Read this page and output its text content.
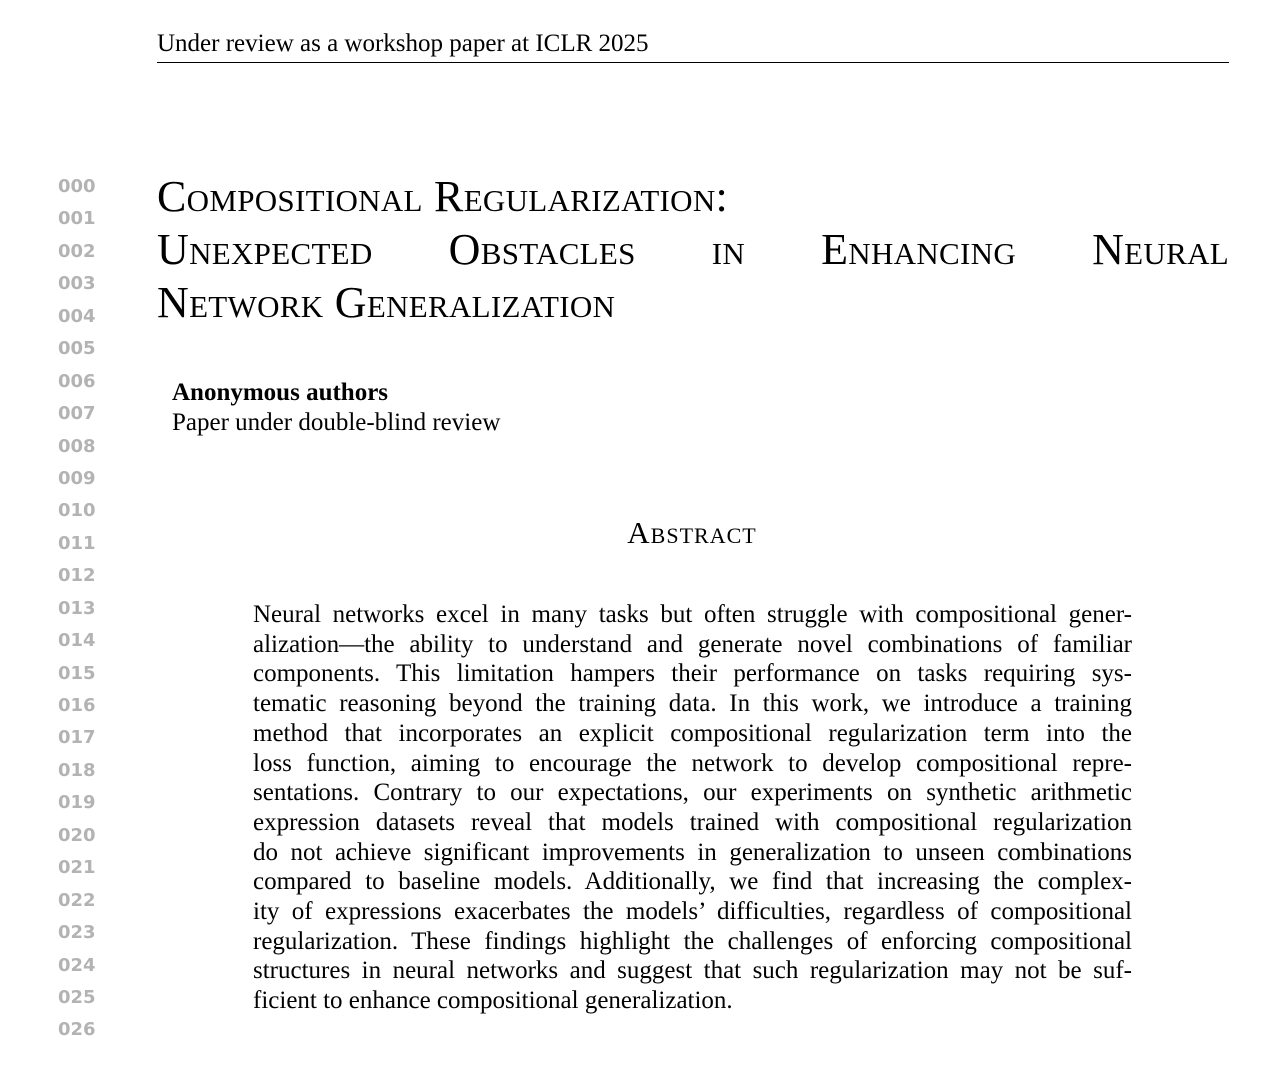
Under review as a workshop paper at ICLR 2025
000
001
002
003
004
005
006
007
008
009
010
011
012
013
014
015
016
017
018
019
020
021
022
023
024
025
026
Compositional Regularization:
Unexpected Obstacles in Enhancing Neural
Network Generalization
Anonymous authors
Paper under double-blind review
Abstract
Neural networks excel in many tasks but often struggle with compositional gener-
alization—the ability to understand and generate novel combinations of familiar
components. This limitation hampers their performance on tasks requiring sys-
tematic reasoning beyond the training data. In this work, we introduce a training
method that incorporates an explicit compositional regularization term into the
loss function, aiming to encourage the network to develop compositional repre-
sentations. Contrary to our expectations, our experiments on synthetic arithmetic
expression datasets reveal that models trained with compositional regularization
do not achieve significant improvements in generalization to unseen combinations
compared to baseline models. Additionally, we find that increasing the complex-
ity of expressions exacerbates the models’ difficulties, regardless of compositional
regularization. These findings highlight the challenges of enforcing compositional
structures in neural networks and suggest that such regularization may not be suf-
ficient to enhance compositional generalization.
